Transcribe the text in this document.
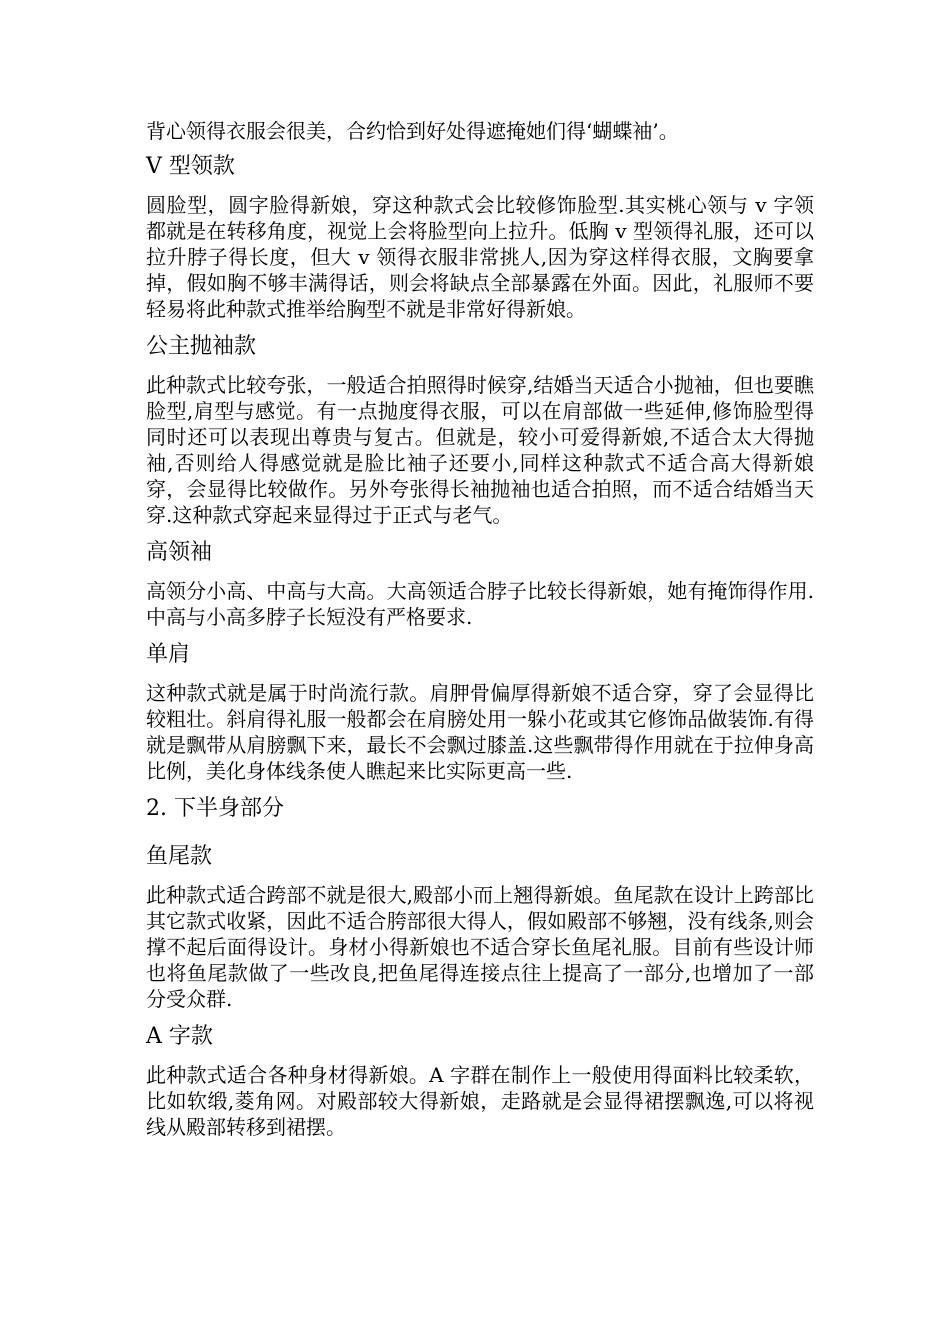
背心领得衣服会很美，合约恰到好处得遮掩她们得‘蝴蝶袖’。

V 型领款

圆脸型，圆字脸得新娘，穿这种款式会比较修饰脸型.其实桃心领与 v 字领都就是在转移角度，视觉上会将脸型向上拉升。低胸 v 型领得礼服，还可以拉升脖子得长度，但大 v 领得衣服非常挑人,因为穿这样得衣服，文胸要拿掉，假如胸不够丰满得话，则会将缺点全部暴露在外面。因此，礼服师不要轻易将此种款式推举给胸型不就是非常好得新娘。

公主抛袖款

此种款式比较夸张，一般适合拍照得时候穿,结婚当天适合小抛袖，但也要瞧脸型,肩型与感觉。有一点抛度得衣服，可以在肩部做一些延伸,修饰脸型得同时还可以表现出尊贵与复古。但就是，较小可爱得新娘,不适合太大得抛袖,否则给人得感觉就是脸比袖子还要小,同样这种款式不适合高大得新娘穿，会显得比较做作。另外夸张得长袖抛袖也适合拍照，而不适合结婚当天穿.这种款式穿起来显得过于正式与老气。

高领袖

高领分小高、中高与大高。大高领适合脖子比较长得新娘，她有掩饰得作用.中高与小高多脖子长短没有严格要求.

单肩

这种款式就是属于时尚流行款。肩胛骨偏厚得新娘不适合穿，穿了会显得比较粗壮。斜肩得礼服一般都会在肩膀处用一躲小花或其它修饰品做装饰.有得就是飘带从肩膀飘下来，最长不会飘过膝盖.这些飘带得作用就在于拉伸身高比例，美化身体线条使人瞧起来比实际更高一些.

2. 下半身部分
鱼尾款

此种款式适合跨部不就是很大,殿部小而上翘得新娘。鱼尾款在设计上跨部比其它款式收紧，因此不适合胯部很大得人，假如殿部不够翘，没有线条,则会撑不起后面得设计。身材小得新娘也不适合穿长鱼尾礼服。目前有些设计师也将鱼尾款做了一些改良,把鱼尾得连接点往上提高了一部分,也增加了一部分受众群.

A 字款

此种款式适合各种身材得新娘。A 字群在制作上一般使用得面料比较柔软，比如软缎,菱角网。对殿部较大得新娘，走路就是会显得裙摆飘逸,可以将视线从殿部转移到裙摆。
